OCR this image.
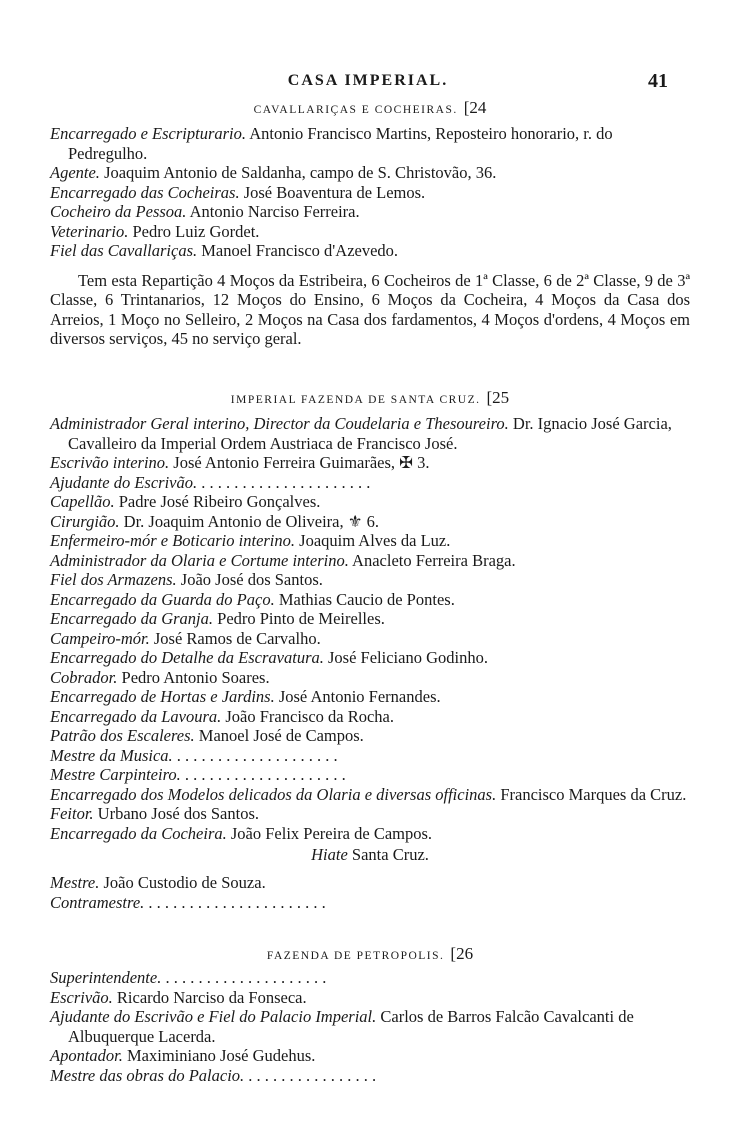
CASA IMPERIAL.	41
CAVALLARIÇAS E COCHEIRAS. [24

Encarregado e Escripturario. Antonio Francisco Martins, Reposteiro honorario, r. do Pedregulho.

Agente. Joaquim Antonio de Saldanha, campo de S. Christovão, 36.

Encarregado das Cocheiras. José Boaventura de Lemos.

Cocheiro da Pessoa. Antonio Narciso Ferreira.

Veterinario. Pedro Luiz Gordet.

Fiel das Cavallariças. Manoel Francisco d'Azevedo.

Tem esta Repartição 4 Moços da Estribeira, 6 Cocheiros de 1ª Classe, 6 de 2ª Classe, 9 de 3ª Classe, 6 Trintanarios, 12 Moços do Ensino, 6 Moços da Cocheira, 4 Moços da Casa dos Arreios, 1 Moço no Selleiro, 2 Moços na Casa dos fardamentos, 4 Moços d'ordens, 4 Moços em diversos serviços, 45 no serviço geral.

IMPERIAL FAZENDA DE SANTA CRUZ. [25

Administrador Geral interino, Director da Coudelaria e Thesoureiro. Dr. Ignacio José Garcia, Cavalleiro da Imperial Ordem Austriaca de Francisco José.

Escrivão interino. José Antonio Ferreira Guimarães, ✠ 3.

Ajudante do Escrivão. . . . . . . . . . . . . . . . . . . . . .

Capellão. Padre José Ribeiro Gonçalves.

Cirurgião. Dr. Joaquim Antonio de Oliveira, ⚜ 6.

Enfermeiro-mór e Boticario interino. Joaquim Alves da Luz.

Administrador da Olaria e Cortume interino. Anacleto Ferreira Braga.

Fiel dos Armazens. João José dos Santos.

Encarregado da Guarda do Paço. Mathias Caucio de Pontes.

Encarregado da Granja. Pedro Pinto de Meirelles.

Campeiro-mór. José Ramos de Carvalho.

Encarregado do Detalhe da Escravatura. José Feliciano Godinho.

Cobrador. Pedro Antonio Soares.

Encarregado de Hortas e Jardins. José Antonio Fernandes.

Encarregado da Lavoura. João Francisco da Rocha.

Patrão dos Escaleres. Manoel José de Campos.

Mestre da Musica. . . . . . . . . . . . . . . . . . . . .

Mestre Carpinteiro. . . . . . . . . . . . . . . . . . . . .

Encarregado dos Modelos delicados da Olaria e diversas officinas. Francisco Marques da Cruz.

Feitor. Urbano José dos Santos.

Encarregado da Cocheira. João Felix Pereira de Campos.

Hiate Santa Cruz.

Mestre. João Custodio de Souza.

Contramestre. . . . . . . . . . . . . . . . . . . . . . .

FAZENDA DE PETROPOLIS. [26

Superintendente. . . . . . . . . . . . . . . . . . . . .

Escrivão. Ricardo Narciso da Fonseca.

Ajudante do Escrivão e Fiel do Palacio Imperial. Carlos de Barros Falcão Cavalcanti de Albuquerque Lacerda.

Apontador. Maximiniano José Gudehus.

Mestre das obras do Palacio. . . . . . . . . . . . . . . . .
